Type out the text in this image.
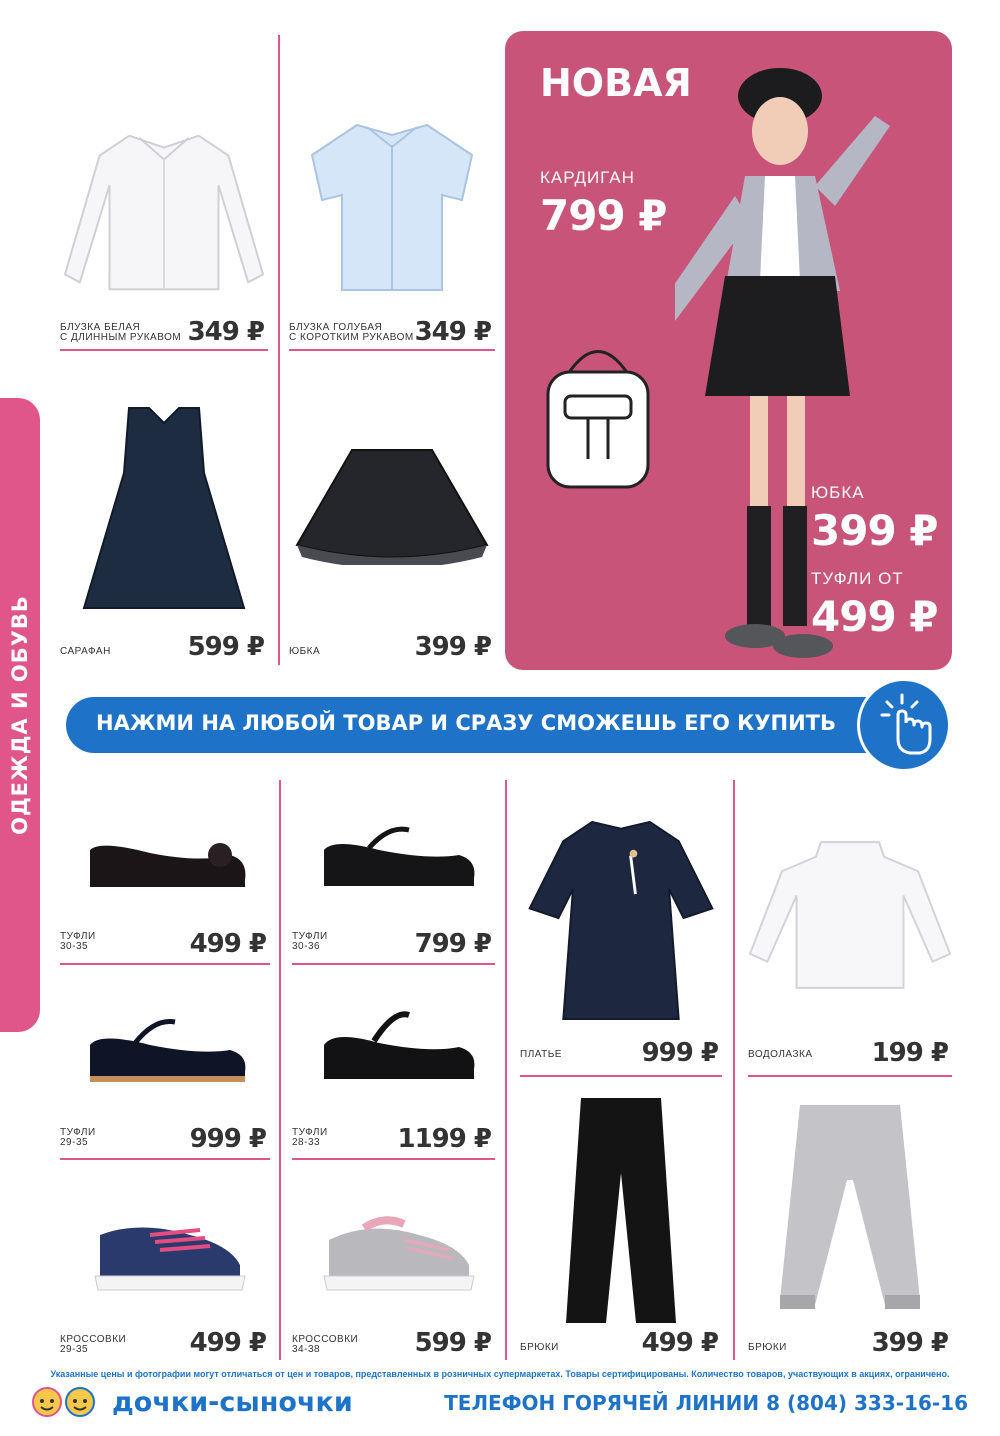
ОДЕЖДА И ОБУВЬ
БЛУЗКА БЕЛАЯ
С ДЛИННЫМ РУКАВОМ 349 ₽	БЛУЗКА ГОЛУБАЯ
С КОРОТКИМ РУКАВОМ 349 ₽
САРАФАН	599 ₽	ЮБКА	399 ₽
НОВАЯ
КАРДИГАН
799 ₽
ЮБКА
399 ₽
ТУФЛИ ОТ
499 ₽
НАЖМИ НА ЛЮБОЙ ТОВАР И СРАЗУ СМОЖЕШЬ ЕГО КУПИТЬ
ТУФЛИ
30-35	499 ₽	ТУФЛИ
30-36	799 ₽
ТУФЛИ
29-35	999 ₽	ТУФЛИ
28-33	1199 ₽
КРОССОВКИ
29-35	499 ₽	КРОССОВКИ
34-38	599 ₽
ПЛАТЬЕ	999 ₽	ВОДОЛАЗКА 199 ₽
БРЮКИ	499 ₽	БРЮКИ	399 ₽
Указанные цены и фотографии могут отличаться от цен и товаров, представленных в розничных супермаркетах. Товары сертифицированы. Количество товаров, участвующих в акциях, ограничено.
дочки-сыночки	ТЕЛЕФОН ГОРЯЧЕЙ ЛИНИИ 8 (804) 333-16-16
